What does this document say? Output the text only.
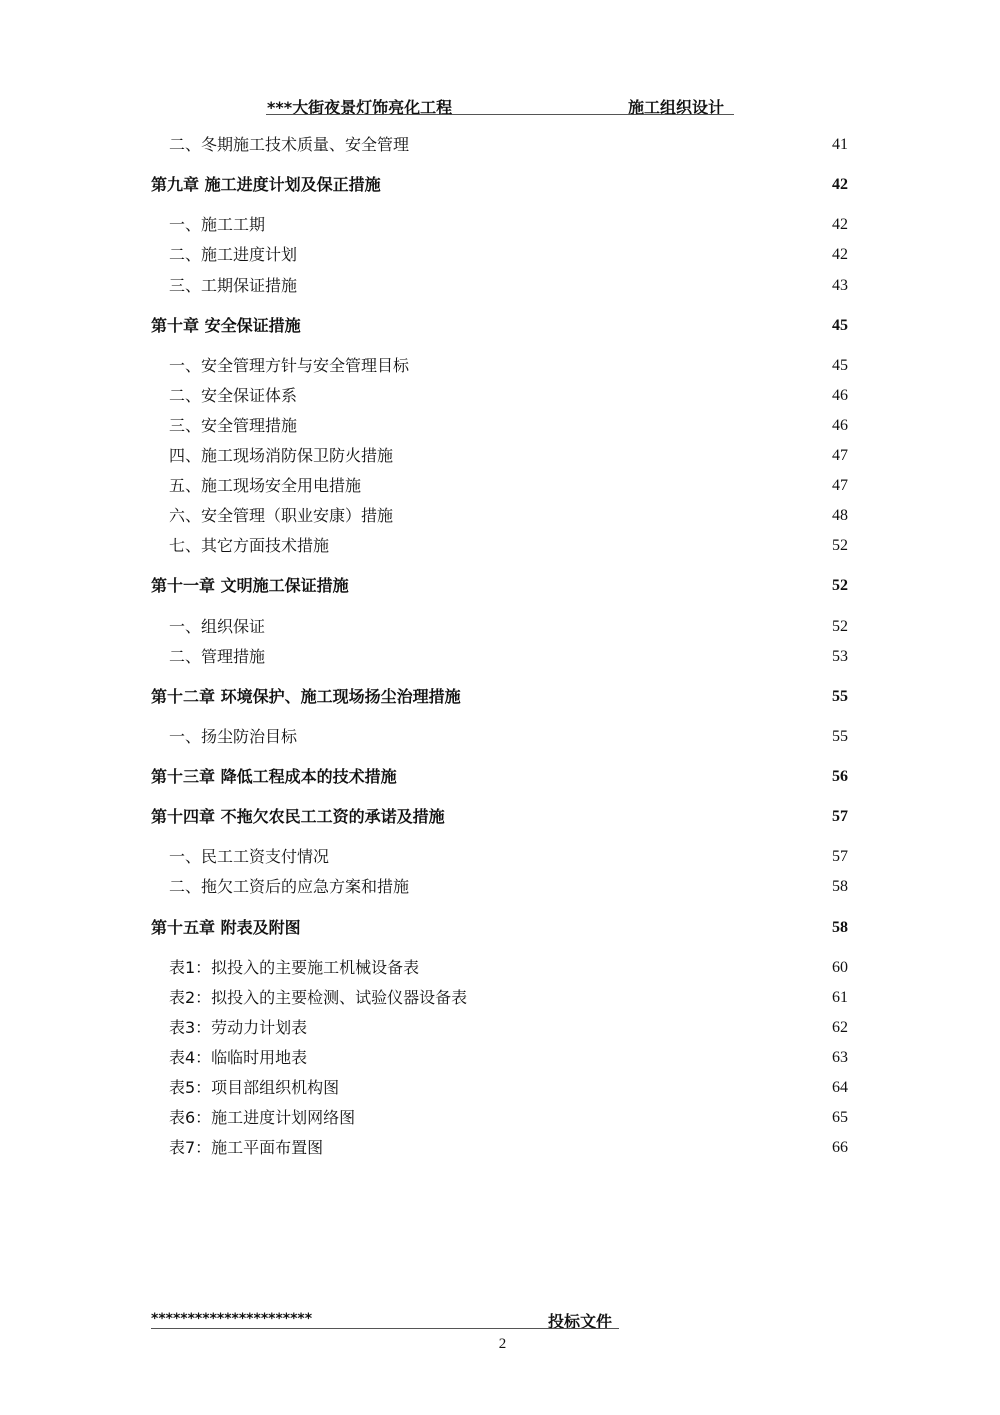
***大街夜景灯饰亮化工程	施工组织设计
二、冬期施工技术质量、安全管理	41
第九章 施工进度计划及保正措施	42
一、施工工期	42
二、施工进度计划	42
三、工期保证措施	43
第十章 安全保证措施	45
一、安全管理方针与安全管理目标	45
二、安全保证体系	46
三、安全管理措施	46
四、施工现场消防保卫防火措施	47
五、施工现场安全用电措施	47
六、安全管理（职业安康）措施	48
七、其它方面技术措施	52
第十一章 文明施工保证措施	52
一、组织保证	52
二、管理措施	53
第十二章 环境保护、施工现场扬尘治理措施	55
一、扬尘防治目标	55
第十三章 降低工程成本的技术措施	56
第十四章 不拖欠农民工工资的承诺及措施	57
一、民工工资支付情况	57
二、拖欠工资后的应急方案和措施	58
第十五章 附表及附图	58
表1：拟投入的主要施工机械设备表	60
表2：拟投入的主要检测、试验仪器设备表	61
表3：劳动力计划表	62
表4：临临时用地表	63
表5：项目部组织机构图	64
表6：施工进度计划网络图	65
表7：施工平面布置图	66
**********************	投标文件
2
